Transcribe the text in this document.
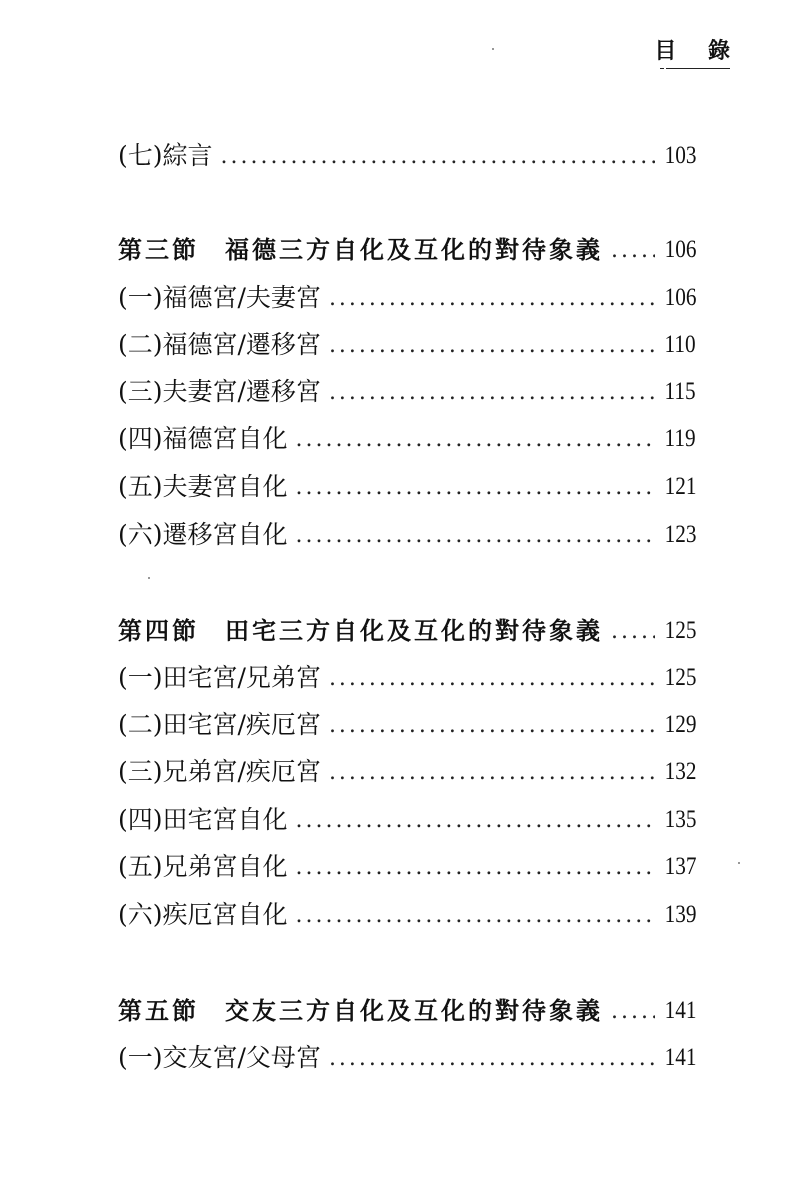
目 錄
(七)綜言 .....	103
第三節 福德三方自化及互化的對待象義 ..... 106
(一)福德宮/夫妻宮 .....	106
(二)福德宮/遷移宮 .....	110
(三)夫妻宮/遷移宮 .....	115
(四)福德宮自化 .....	119
(五)夫妻宮自化 .....	121
(六)遷移宮自化 .....	123
第四節 田宅三方自化及互化的對待象義 ..... 125
(一)田宅宮/兄弟宮 .....	125
(二)田宅宮/疾厄宮 .....	129
(三)兄弟宮/疾厄宮 .....	132
(四)田宅宮自化 .....	135
(五)兄弟宮自化 .....	137
(六)疾厄宮自化 .....	139
第五節 交友三方自化及互化的對待象義 ..... 141
(一)交友宮/父母宮 .....	141
